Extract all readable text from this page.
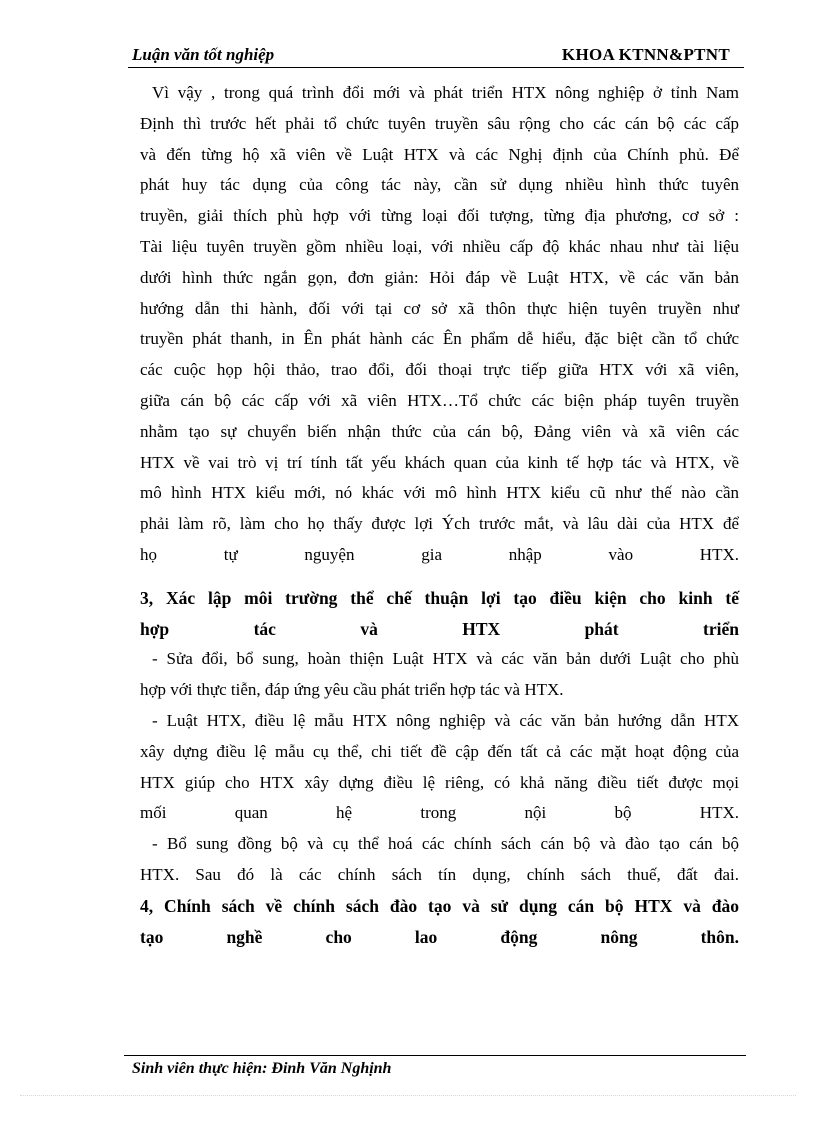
Luận văn tốt nghiệp	KHOA KTNN&PTNT

Vì vậy , trong quá trình đổi mới và phát triển HTX nông nghiệp ở tỉnh Nam

Định thì trước hết phải tổ chức tuyên truyền sâu rộng cho các cán bộ các cấp

và đến từng hộ xã viên về Luật HTX và các Nghị định của Chính phủ. Để

phát huy tác dụng của công tác này, cần sử dụng nhiều hình thức tuyên

truyền, giải thích phù hợp với từng loại đối tượng, từng địa phương, cơ sở :

Tài liệu tuyên truyền gồm nhiều loại, với nhiều cấp độ khác nhau như tài liệu

dưới hình thức ngắn gọn, đơn giản: Hỏi đáp về Luật HTX, về các văn bản

hướng dẫn thi hành, đối với tại cơ sở xã thôn thực hiện tuyên truyền như

truyền phát thanh, in Ên phát hành các Ên phẩm dễ hiểu, đặc biệt cần tổ chức

các cuộc họp hội thảo, trao đổi, đối thoại trực tiếp giữa HTX với xã viên,

giữa cán bộ các cấp với xã viên HTX…Tổ chức các biện pháp tuyên truyền

nhằm tạo sự chuyển biến nhận thức của cán bộ, Đảng viên và xã viên các

HTX về vai trò vị trí tính tất yếu khách quan của kinh tế hợp tác và HTX, về

mô hình HTX kiểu mới, nó khác với mô hình HTX kiểu cũ như thế nào cần

phải làm rõ, làm cho họ thấy được lợi Ých trước mắt, và lâu dài của HTX để

họ tự nguyện gia nhập vào HTX.

3, Xác lập môi trường thể chế thuận lợi tạo điều kiện cho kinh tế

hợp tác và HTX phát triển

- Sửa đổi, bổ sung, hoàn thiện Luật HTX và các văn bản dưới Luật cho phù

hợp với thực tiễn, đáp ứng yêu cầu phát triển hợp tác và HTX.

- Luật HTX, điều lệ mẫu HTX nông nghiệp và các văn bản hướng dẫn HTX

xây dựng điều lệ mẫu cụ thể, chi tiết đề cập đến tất cả các mặt hoạt động của

HTX giúp cho HTX xây dựng điều lệ riêng, có khả năng điều tiết được mọi

mối quan hệ trong nội bộ HTX.

- Bổ sung đồng bộ và cụ thể hoá các chính sách cán bộ và đào tạo cán bộ

HTX. Sau đó là các chính sách tín dụng, chính sách thuế, đất đai.

4, Chính sách về chính sách đào tạo và sử dụng cán bộ HTX và đào

tạo nghề cho lao động nông thôn.

Sinh viên thực hiện: Đinh Văn Nghịnh
